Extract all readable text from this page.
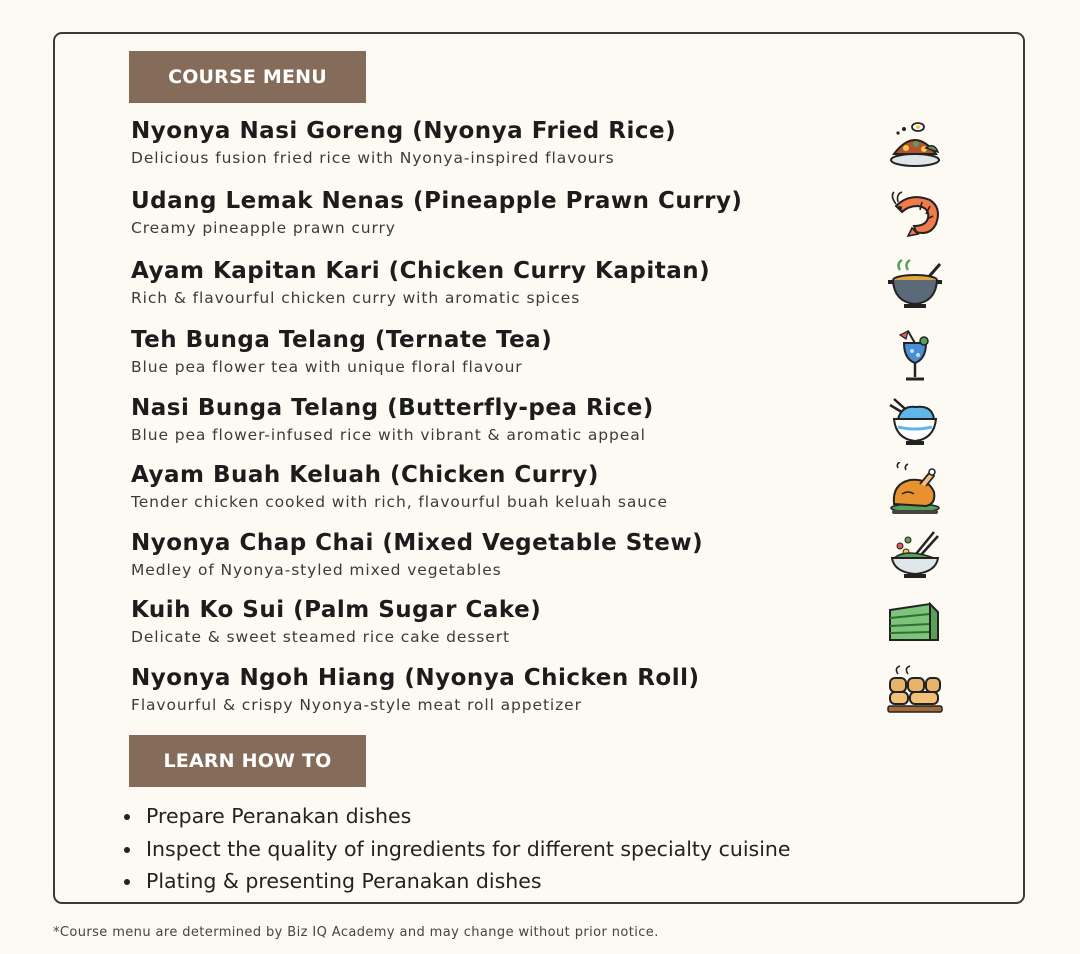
COURSE MENU
Nyonya Nasi Goreng (Nyonya Fried Rice)
Delicious fusion fried rice with Nyonya-inspired flavours
Udang Lemak Nenas (Pineapple Prawn Curry)
Creamy pineapple prawn curry
Ayam Kapitan Kari (Chicken Curry Kapitan)
Rich & flavourful chicken curry with aromatic spices
Teh Bunga Telang (Ternate Tea)
Blue pea flower tea with unique floral flavour
Nasi Bunga Telang (Butterfly-pea Rice)
Blue pea flower-infused rice with vibrant & aromatic appeal
Ayam Buah Keluah (Chicken Curry)
Tender chicken cooked with rich, flavourful buah keluah sauce
Nyonya Chap Chai (Mixed Vegetable Stew)
Medley of Nyonya-styled mixed vegetables
Kuih Ko Sui (Palm Sugar Cake)
Delicate & sweet steamed rice cake dessert
Nyonya Ngoh Hiang (Nyonya Chicken Roll)
Flavourful & crispy Nyonya-style meat roll appetizer
LEARN HOW TO
Prepare Peranakan dishes
Inspect the quality of ingredients for different specialty cuisine
Plating & presenting Peranakan dishes
*Course menu are determined by Biz IQ Academy and may change without prior notice.
